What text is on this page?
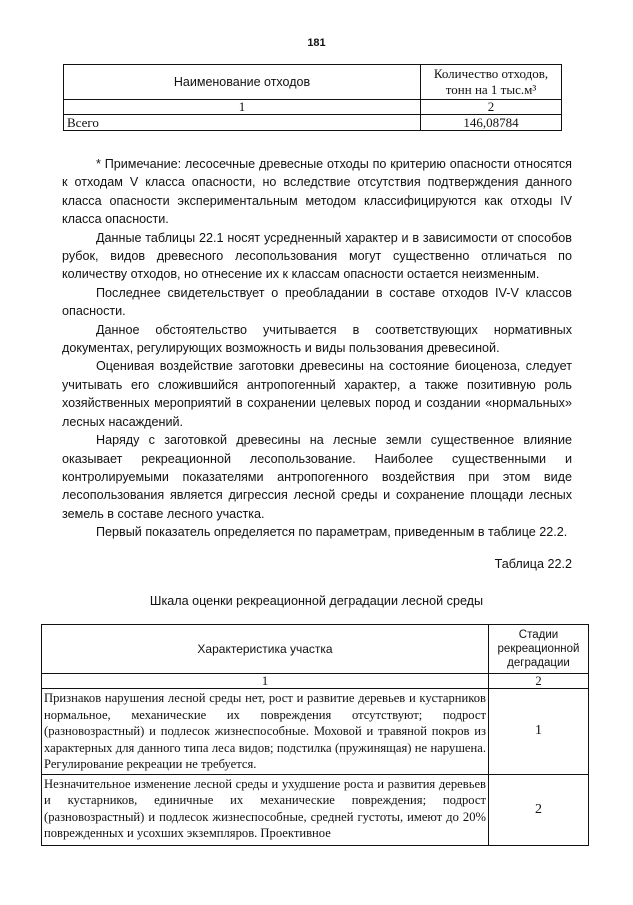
181
Наименование отходов	Количество отходов, тонн на 1 тыс.м³
1	2
Всего	146,08784

* Примечание: лесосечные древесные отходы по критерию опасности относятся к отходам V класса опасности, но вследствие отсутствия подтверждения данного класса опасности экспериментальным методом классифицируются как отходы IV класса опасности.

Данные таблицы 22.1 носят усредненный характер и в зависимости от способов рубок, видов древесного лесопользования могут существенно отличаться по количеству отходов, но отнесение их к классам опасности остается неизменным.

Последнее свидетельствует о преобладании в составе отходов IV-V классов опасности.

Данное обстоятельство учитывается в соответствующих нормативных документах, регулирующих возможность и виды пользования древесиной.

Оценивая воздействие заготовки древесины на состояние биоценоза, следует учитывать его сложившийся антропогенный характер, а также позитивную роль хозяйственных мероприятий в сохранении целевых пород и создании «нормальных» лесных насаждений.

Наряду с заготовкой древесины на лесные земли существенное влияние оказывает рекреационной лесопользование. Наиболее существенными и контролируемыми показателями антропогенного воздействия при этом виде лесопользования является дигрессия лесной среды и сохранение площади лесных земель в составе лесного участка.

Первый показатель определяется по параметрам, приведенным в таблице 22.2.

Таблица 22.2
Шкала оценки рекреационной деградации лесной среды
Характеристика участка	Стадии рекреационной деградации
1	2
Признаков нарушения лесной среды нет, рост и развитие деревьев и кустарников нормальное, механические их повреждения отсутствуют; подрост (разновозрастный) и подлесок жизнеспособные. Моховой и травяной покров из характерных для данного типа леса видов; подстилка (пружинящая) не нарушена. Регулирование рекреации не требуется.	1

Незначительное изменение лесной среды и ухудшение роста и развития деревьев и кустарников, единичные их механические повреждения; подрост (разновозрастный) и подлесок жизнеспособные, средней густоты, имеют до 20% поврежденных и усохших экземпляров. Проективное	2
